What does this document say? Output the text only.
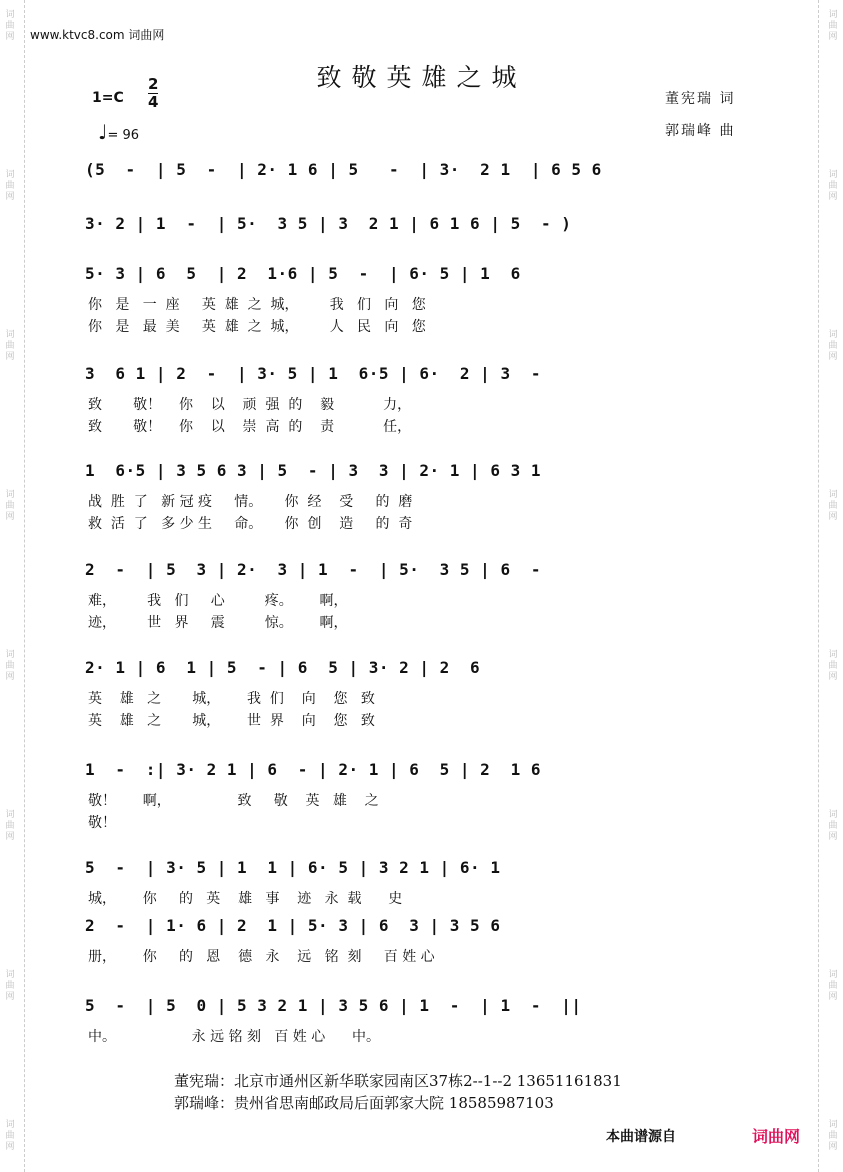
词曲网
词曲网
词曲网
词曲网
词曲网
词曲网
词曲网
词曲网
词曲网
词曲网
词曲网
词曲网
词曲网
词曲网
词曲网
词曲网
www.ktvc8.com 词曲网
致敬英雄之城
1=C
2
4
♩= 96
董宪瑞 词
郭瑞峰 曲
(5  -  | 5  -  | 2· 1 6 | 5   -  | 3·  2 1  | 6 5 6
3· 2 | 1  -  | 5·  3 5 | 3  2 1 | 6 1 6 | 5  - )
5· 3 | 6  5  | 2  1·6 | 5  -  | 6· 5 | 1  6
你   是   一  座     英  雄  之  城，       我   们   向   您
你   是   最  美     英  雄  之  城，       人   民   向   您
3  6 1 | 2  -  | 3· 5 | 1  6·5 | 6·  2 | 3  -
致       敬！    你    以    顽  强  的    毅           力，
致       敬！    你    以    崇  高  的    责           任，
1  6·5 | 3 5 6 3 | 5  - | 3  3 | 2· 1 | 6 3 1
战  胜  了   新 冠 疫     情。     你  经    受     的  磨
救  活  了   多 少 生     命。     你  创    造     的  奇
2  -  | 5  3 | 2·  3 | 1  -  | 5·  3 5 | 6  -
难，       我   们     心         疼。      啊，
迹，       世   界     震         惊。      啊，
2· 1 | 6  1 | 5  - | 6  5 | 3· 2 | 2  6
英    雄   之       城，      我  们    向    您   致
英    雄   之       城，      世  界    向    您   致
1  -  :| 3· 2 1 | 6  - | 2· 1 | 6  5 | 2  1 6
敬！      啊，               致     敬    英   雄    之
敬！
5  -  | 3· 5 | 1  1 | 6· 5 | 3 2 1 | 6· 1
城，      你     的   英    雄   事    迹   永  载      史
2  -  | 1· 6 | 2  1 | 5· 3 | 6  3 | 3 5 6
册，      你     的   恩    德   永    远   铭  刻     百 姓 心
5  -  | 5  0 | 5 3 2 1 | 3 5 6 | 1  -  | 1  -  ||
中。                 永 远 铭 刻   百 姓 心      中。
董宪瑞：北京市通州区新华联家园南区37栋2--1--2 13651161831
郭瑞峰：贵州省思南邮政局后面郭家大院 18585987103
本曲谱源自	词曲网
